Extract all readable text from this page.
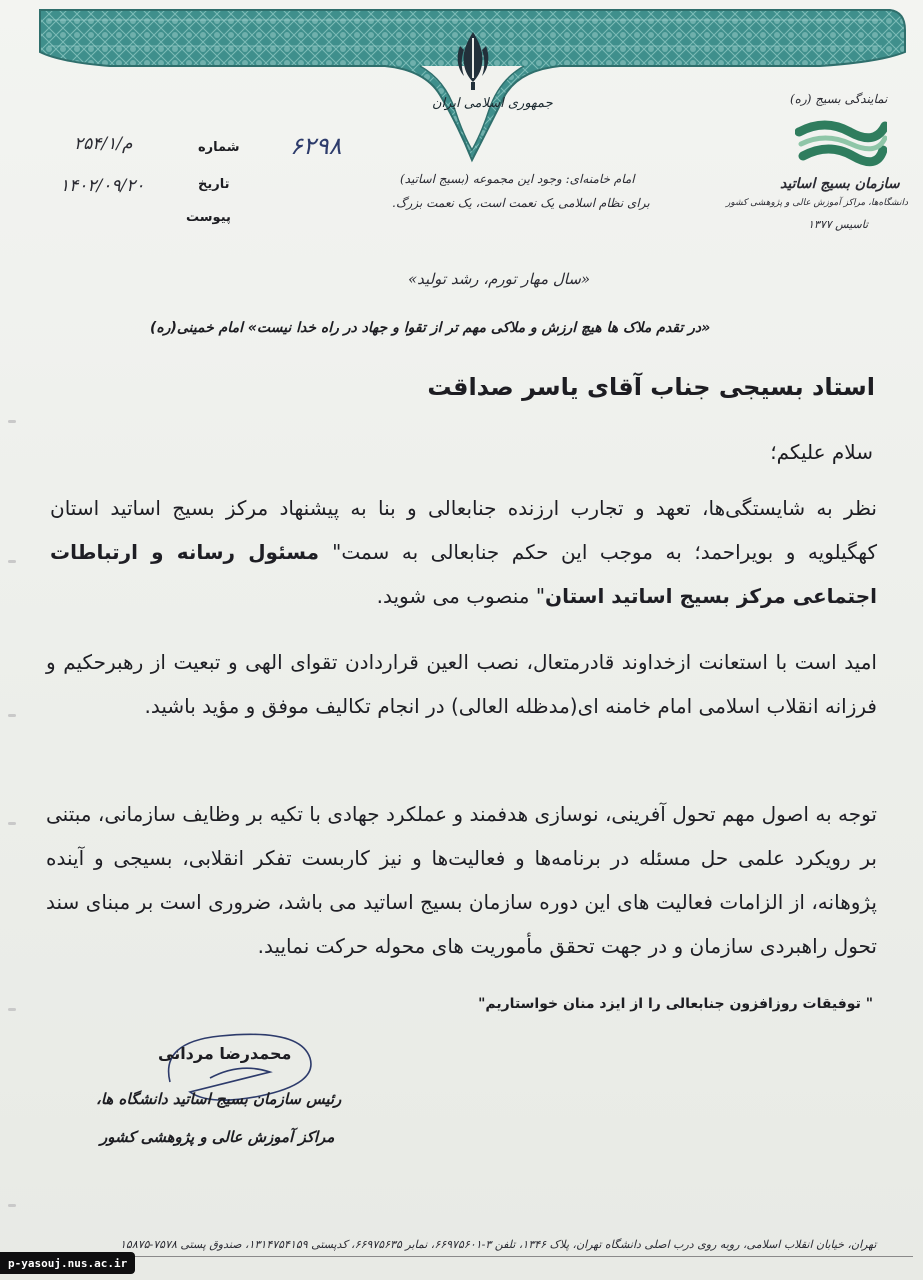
جمهوری اسلامی ایران
شماره
تاریخ
پیوست
۲۵۴/۱/م
۱۴۰۲/۰۹/۲۰
۶۲۹۸
امام خامنه‌ای: وجود این مجموعه (بسیج اساتید)
برای نظام اسلامی یک نعمت است، یک نعمت بزرگ.
نمایندگی بسیج (ره)
سازمان بسیج اساتید
دانشگاه‌ها، مراکز آموزش عالی و پژوهشی کشور
تاسیس ۱۳۷۷
«سال مهار تورم، رشد تولید»
«در تقدم ملاک ها هیچ ارزش و ملاکی مهم تر از تقوا و جهاد در راه خدا نیست» امام خمینی(ره)
استاد بسیجی جناب آقای یاسر صداقت
سلام علیکم؛
نظر به شایستگی‌ها، تعهد و تجارب ارزنده جنابعالی و بنا به پیشنهاد مرکز بسیج اساتید استان کهگیلویه و بویراحمد؛ به موجب این حکم جنابعالی به سمت" مسئول رسانه و ارتباطات اجتماعی مرکز بسیج اساتید استان" منصوب می شوید.
امید است با استعانت ازخداوند قادرمتعال، نصب العین قراردادن تقوای الهی و تبعیت از رهبرحکیم و فرزانه انقلاب اسلامی امام خامنه ای(مدظله العالی) در انجام تکالیف موفق و مؤید باشید.
توجه به اصول مهم تحول آفرینی، نوسازی هدفمند و عملکرد جهادی با تکیه بر وظایف سازمانی، مبتنی بر رویکرد علمی حل مسئله در برنامه‌ها و فعالیت‌ها و نیز کاربست تفکر انقلابی، بسیجی و آینده پژوهانه، از الزامات فعالیت های این دوره سازمان بسیج اساتید می باشد، ضروری است بر مبنای سند تحول راهبردی سازمان و در جهت تحقق مأموریت های محوله حرکت نمایید.
" توفیقات روزافزون جنابعالی را از ایزد منان خواستاریم"
محمدرضا مردانی
رئیس سازمان بسیج اساتید دانشگاه ها،
مراکز آموزش عالی و پژوهشی کشور
تهران، خیابان انقلاب اسلامی، روبه روی درب اصلی دانشگاه تهران، پلاک ۱۳۴۶، تلفن ۳-۶۶۹۷۵۶۰۱، نمابر ۶۶۹۷۵۶۳۵، کدپستی ۱۳۱۴۷۵۴۱۵۹، صندوق پستی ۷۵۷۸-۱۵۸۷۵
p-yasouj.nus.ac.ir
